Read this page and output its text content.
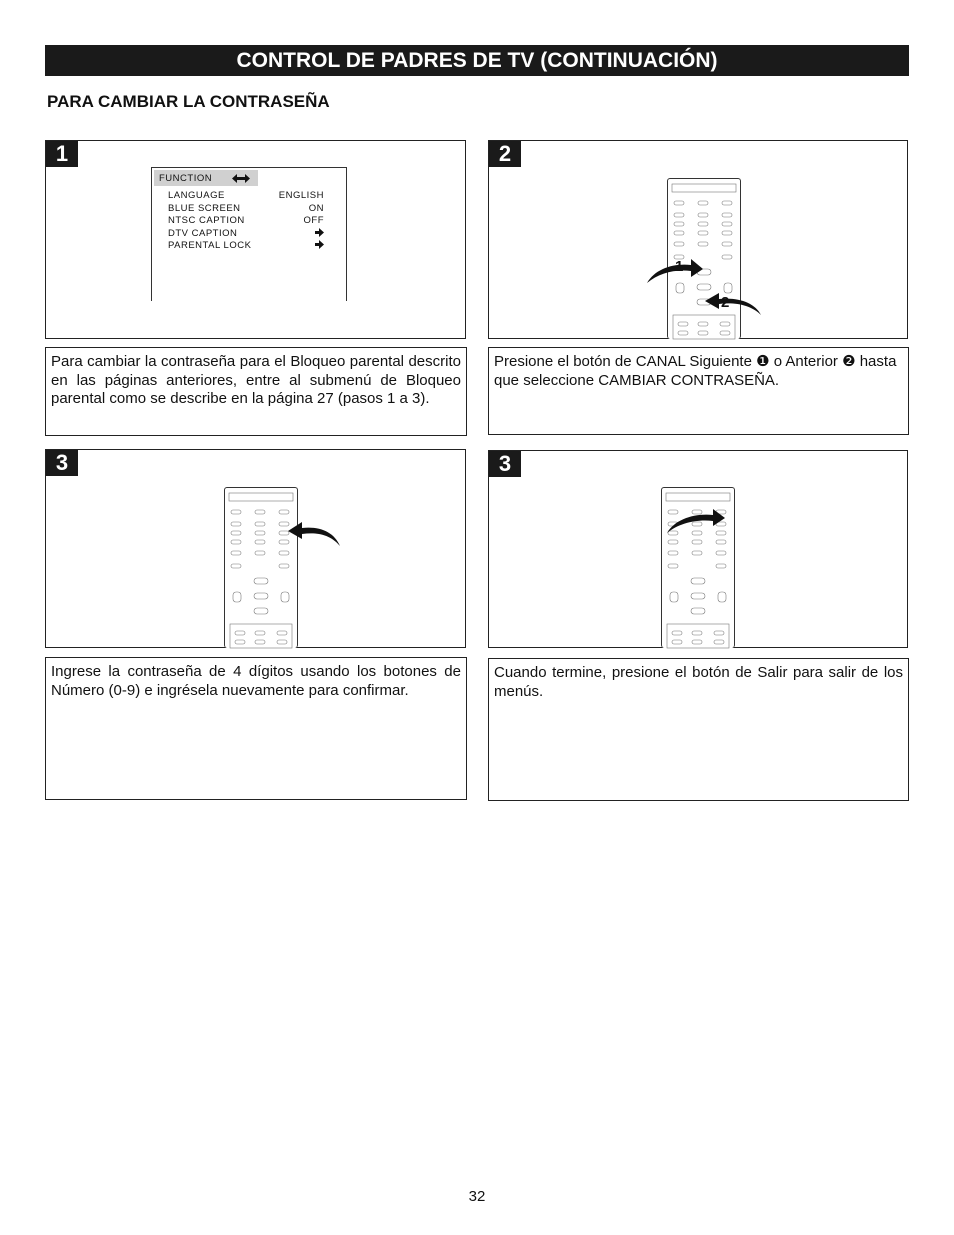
CONTROL DE PADRES DE TV (CONTINUACIÓN)
PARA CAMBIAR LA CONTRASEÑA
1
FUNCTION
LANGUAGE	ENGLISH
BLUE SCREEN	ON
NTSC CAPTION	OFF
DTV CAPTION
PARENTAL LOCK
2
1
2
Para cambiar la contraseña para el Bloqueo parental descrito en las páginas anteriores, entre al submenú de Bloqueo parental como se describe en la página 27 (pasos 1 a 3).
Presione el botón de CANAL Siguiente ❶ o Anterior ❷ hasta que seleccione CAMBIAR CONTRASEÑA.
3	3
Ingrese la contraseña de 4 dígitos usando los botones de Número (0-9) e ingrésela nuevamente para confirmar.
Cuando termine, presione el botón de Salir para salir de los menús.
32
